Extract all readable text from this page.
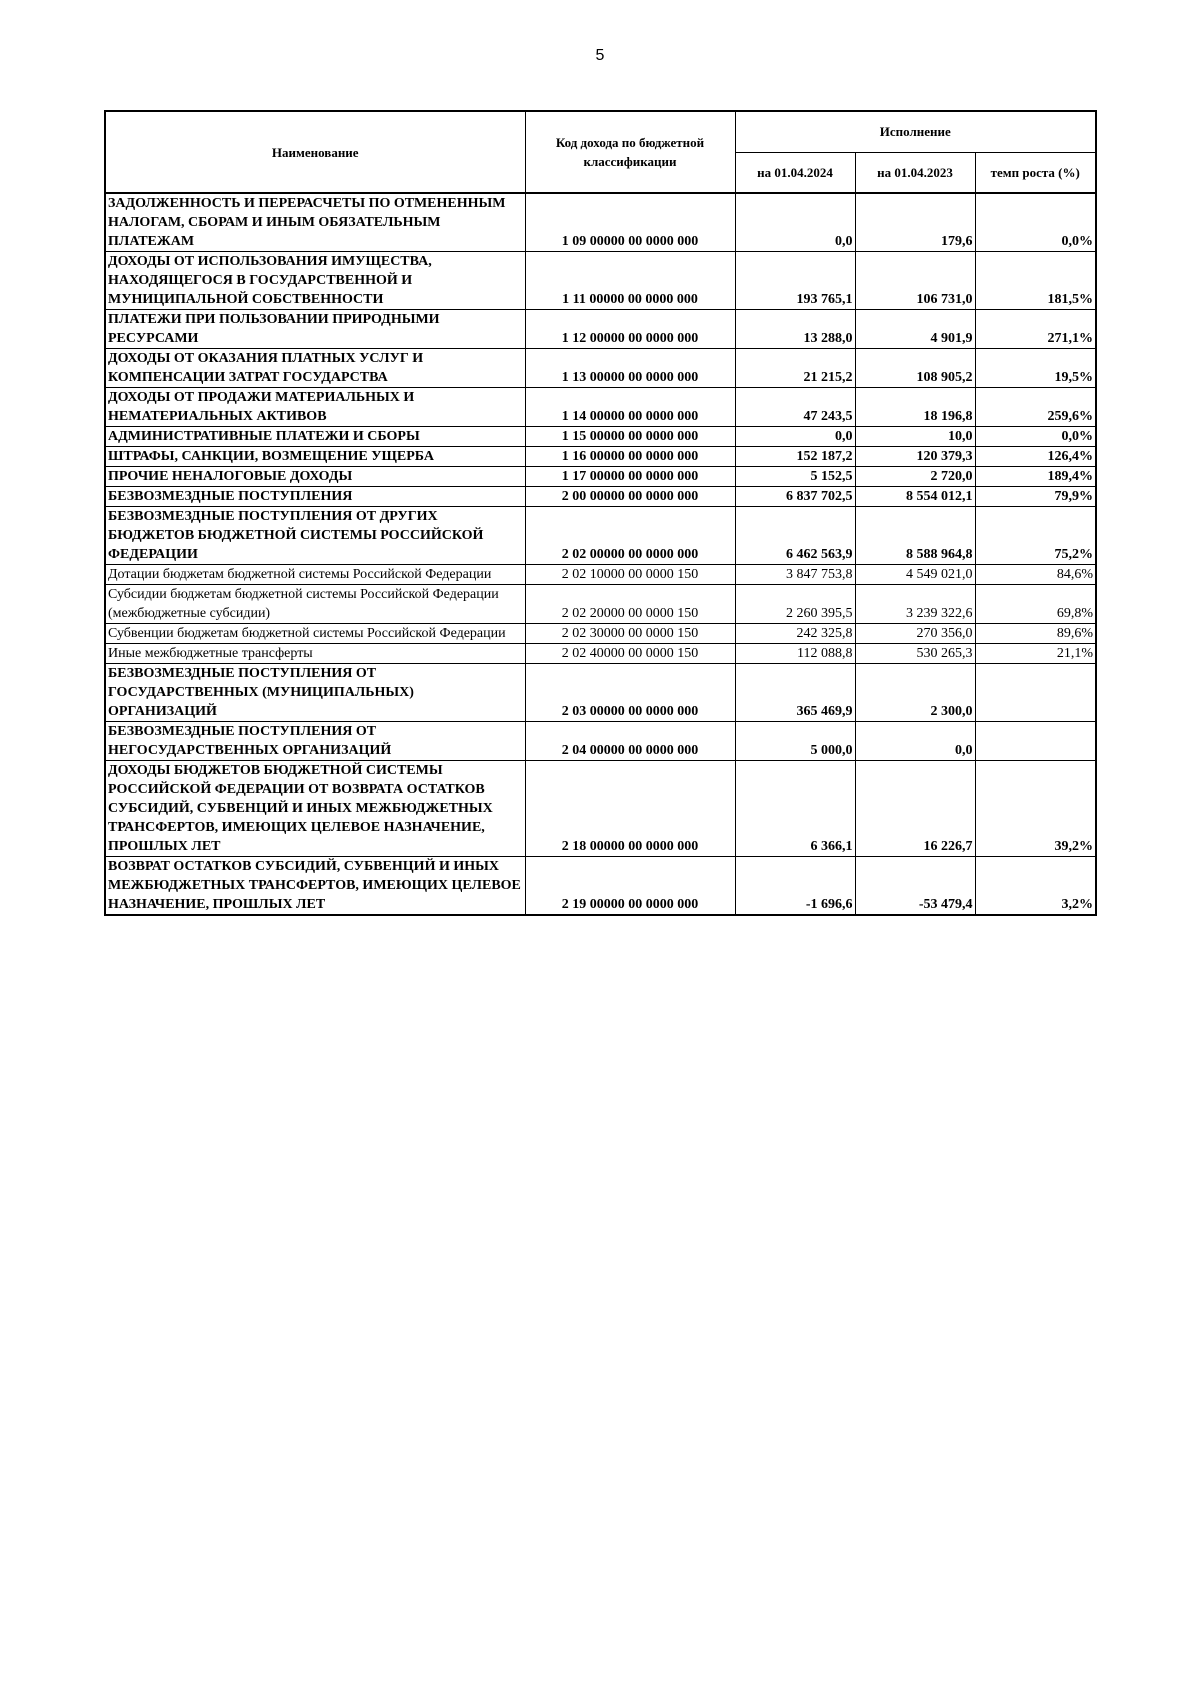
5
Наименование	Код дохода по бюджетной классификации	Исполнение		
		на 01.04.2024	на 01.04.2023	темп роста (%)
ЗАДОЛЖЕННОСТЬ И ПЕРЕРАСЧЕТЫ ПО ОТМЕНЕННЫМ НАЛОГАМ, СБОРАМ И ИНЫМ ОБЯЗАТЕЛЬНЫМ ПЛАТЕЖАМ	1 09 00000 00 0000 000	0,0	179,6	0,0%
ДОХОДЫ ОТ ИСПОЛЬЗОВАНИЯ ИМУЩЕСТВА, НАХОДЯЩЕГОСЯ В ГОСУДАРСТВЕННОЙ И МУНИЦИПАЛЬНОЙ СОБСТВЕННОСТИ	1 11 00000 00 0000 000	193 765,1	106 731,0	181,5%
ПЛАТЕЖИ ПРИ ПОЛЬЗОВАНИИ ПРИРОДНЫМИ РЕСУРСАМИ	1 12 00000 00 0000 000	13 288,0	4 901,9	271,1%
ДОХОДЫ ОТ ОКАЗАНИЯ ПЛАТНЫХ УСЛУГ И КОМПЕНСАЦИИ ЗАТРАТ ГОСУДАРСТВА	1 13 00000 00 0000 000	21 215,2	108 905,2	19,5%
ДОХОДЫ ОТ ПРОДАЖИ МАТЕРИАЛЬНЫХ И НЕМАТЕРИАЛЬНЫХ АКТИВОВ	1 14 00000 00 0000 000	47 243,5	18 196,8	259,6%
АДМИНИСТРАТИВНЫЕ ПЛАТЕЖИ И СБОРЫ	1 15 00000 00 0000 000	0,0	10,0	0,0%
ШТРАФЫ, САНКЦИИ, ВОЗМЕЩЕНИЕ УЩЕРБА	1 16 00000 00 0000 000	152 187,2	120 379,3	126,4%
ПРОЧИЕ НЕНАЛОГОВЫЕ ДОХОДЫ	1 17 00000 00 0000 000	5 152,5	2 720,0	189,4%
БЕЗВОЗМЕЗДНЫЕ ПОСТУПЛЕНИЯ	2 00 00000 00 0000 000	6 837 702,5	8 554 012,1	79,9%
БЕЗВОЗМЕЗДНЫЕ ПОСТУПЛЕНИЯ ОТ ДРУГИХ БЮДЖЕТОВ БЮДЖЕТНОЙ СИСТЕМЫ РОССИЙСКОЙ ФЕДЕРАЦИИ	2 02 00000 00 0000 000	6 462 563,9	8 588 964,8	75,2%
Дотации бюджетам бюджетной системы Российской Федерации	2 02 10000 00 0000 150	3 847 753,8	4 549 021,0	84,6%
Субсидии бюджетам бюджетной системы Российской Федерации (межбюджетные субсидии)	2 02 20000 00 0000 150	2 260 395,5	3 239 322,6	69,8%
Субвенции бюджетам бюджетной системы Российской Федерации	2 02 30000 00 0000 150	242 325,8	270 356,0	89,6%
Иные межбюджетные трансферты	2 02 40000 00 0000 150	112 088,8	530 265,3	21,1%
БЕЗВОЗМЕЗДНЫЕ ПОСТУПЛЕНИЯ ОТ ГОСУДАРСТВЕННЫХ (МУНИЦИПАЛЬНЫХ) ОРГАНИЗАЦИЙ	2 03 00000 00 0000 000	365 469,9	2 300,0	
БЕЗВОЗМЕЗДНЫЕ ПОСТУПЛЕНИЯ ОТ НЕГОСУДАРСТВЕННЫХ ОРГАНИЗАЦИЙ	2 04 00000 00 0000 000	5 000,0	0,0	
ДОХОДЫ БЮДЖЕТОВ БЮДЖЕТНОЙ СИСТЕМЫ РОССИЙСКОЙ ФЕДЕРАЦИИ ОТ ВОЗВРАТА ОСТАТКОВ СУБСИДИЙ, СУБВЕНЦИЙ И ИНЫХ МЕЖБЮДЖЕТНЫХ ТРАНСФЕРТОВ, ИМЕЮЩИХ ЦЕЛЕВОЕ НАЗНАЧЕНИЕ, ПРОШЛЫХ ЛЕТ	2 18 00000 00 0000 000	6 366,1	16 226,7	39,2%
ВОЗВРАТ ОСТАТКОВ СУБСИДИЙ, СУБВЕНЦИЙ И ИНЫХ МЕЖБЮДЖЕТНЫХ ТРАНСФЕРТОВ, ИМЕЮЩИХ ЦЕЛЕВОЕ НАЗНАЧЕНИЕ, ПРОШЛЫХ ЛЕТ	2 19 00000 00 0000 000	-1 696,6	-53 479,4	3,2%
